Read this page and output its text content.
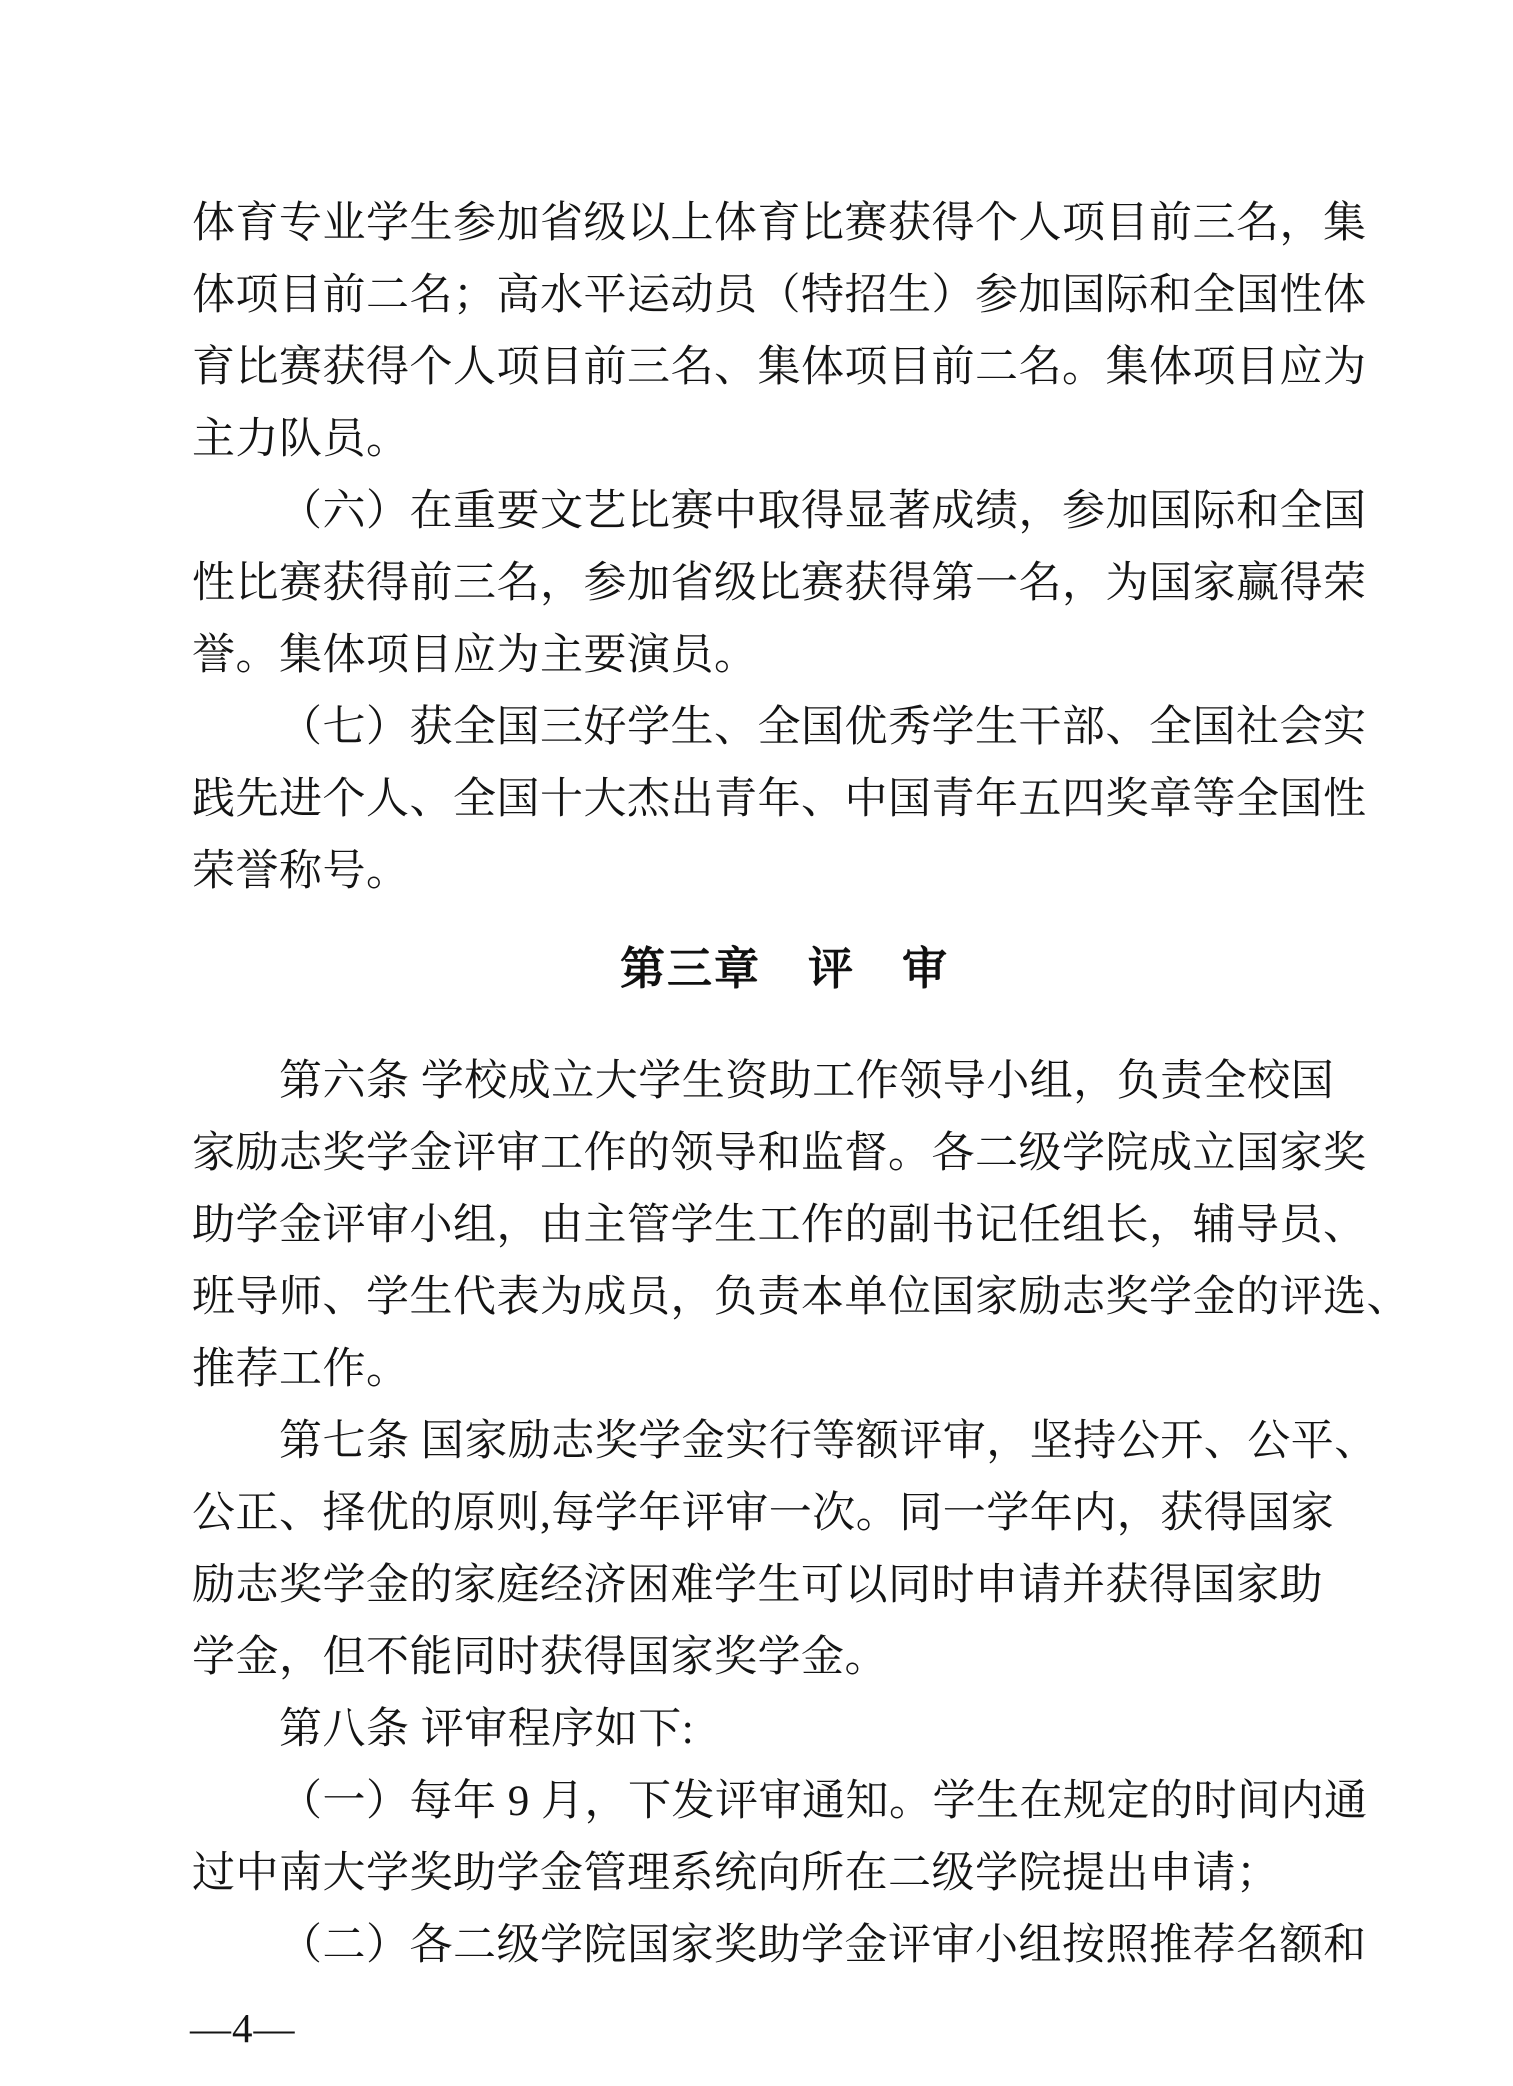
体育专业学生参加省级以上体育比赛获得个人项目前三名，集
体项目前二名；高水平运动员（特招生）参加国际和全国性体
育比赛获得个人项目前三名、集体项目前二名。集体项目应为
主力队员。
（六）在重要文艺比赛中取得显著成绩，参加国际和全国
性比赛获得前三名，参加省级比赛获得第一名，为国家赢得荣
誉。集体项目应为主要演员。
（七）获全国三好学生、全国优秀学生干部、全国社会实
践先进个人、全国十大杰出青年、中国青年五四奖章等全国性
荣誉称号。
第三章　评　审
第六条 学校成立大学生资助工作领导小组，负责全校国
家励志奖学金评审工作的领导和监督。各二级学院成立国家奖
助学金评审小组，由主管学生工作的副书记任组长，辅导员、
班导师、学生代表为成员，负责本单位国家励志奖学金的评选、
推荐工作。
第七条 国家励志奖学金实行等额评审，坚持公开、公平、
公正、择优的原则,每学年评审一次。同一学年内，获得国家
励志奖学金的家庭经济困难学生可以同时申请并获得国家助
学金，但不能同时获得国家奖学金。
第八条 评审程序如下:
（一）每年 9 月，下发评审通知。学生在规定的时间内通
过中南大学奖助学金管理系统向所在二级学院提出申请；
（二）各二级学院国家奖助学金评审小组按照推荐名额和
—4—
